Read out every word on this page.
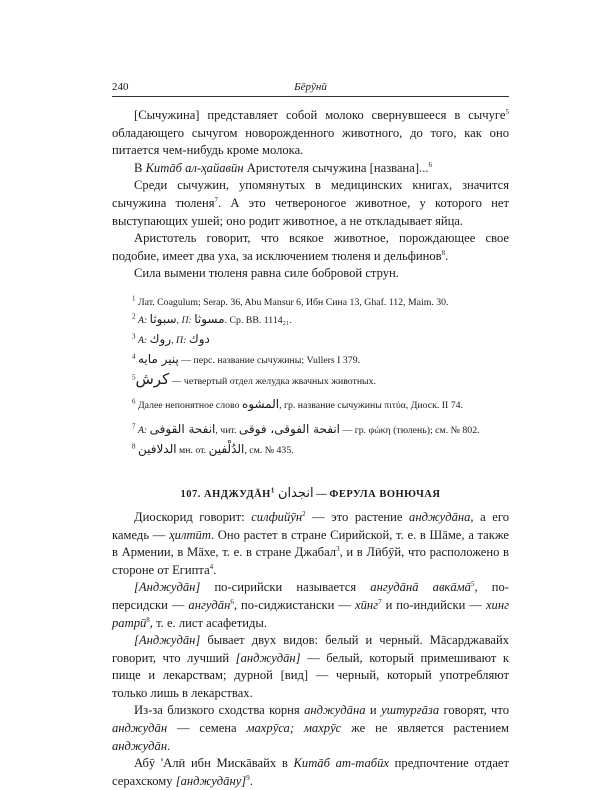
240	Бēрӯнӣ

[Сычужина] представляет собой молоко свернувшееся в сычуге$^5$ обладающего сычугом новорожденного животного, до того, как оно питается чем-нибудь кроме молока.

В Китāб ал-ҳайавӣн Аристотеля сычужина [названа]...$^6$

Среди сычужин, упомянутых в медицинских книгах, значится сычужина тюленя$^7$. А это четвероногое животное, у которого нет выступающих ушей; оно родит животное, а не откладывает яйца.

Аристотель говорит, что всякое животное, порождающее свое подобие, имеет два уха, за исключением тюленя и дельфинов$^8$.

Сила вымени тюленя равна силе бобровой струн.

$^1$ Лат. Coagulum; Serap. 36, Abu Mansur 6, Ибн Сина 13, Ghaf. 112, Maim. 30.

$^2$ А: سبوثا, П: مسوثا. Ср. BB. 1114₂₁.

$^3$ А: روك, П: دوك

$^4$ پنير مايه — перс. название сычужины; Vullers I 379.

$^5$كرش — четвертый отдел желудка жвачных животных.

$^6$ Далее непонятное слово المشوه, гр. название сычужины πιτύα, Диоск. II 74.

$^7$ А: انفحة القوفى, чит. انفحة الفوقى، فوقى — гр. φώκη (тюлень); см. № 802.

$^8$ الدلافين мн. от. الدُلْفين, см. № 435.

107. АНДЖУДĀН$^1$ انجدان — ФЕРУЛА ВОНЮЧАЯ

Диоскорид говорит: силфийӯн$^2$ — это растение анджудāна, а его камедь — ҳилтӣт. Оно растет в стране Сирийской, т. е. в Шāме, а также в Армении, в Мāхе, т. е. в стране Джабал$^3$, и в Лӣбӯй, что расположено в стороне от Египта$^4$.

[Анджудāн] по-сирийски называется ангудāнā авкāмā$^5$, по-персидски — ангудāн$^6$, по-сиджистански — хӣнг$^7$ и по-индийски — хинг ратрӣ$^8$, т. е. лист асафетиды.

[Анджудāн] бывает двух видов: белый и черный. Мāсарджавайх говорит, что лучший [анджудāн] — белый, который примешивают к пище и лекарствам; дурной [вид] — черный, который употребляют только лишь в лекарствах.

Из-за близкого сходства корня анджудāна и уштурғāза говорят, что анджудāн — семена махрӯса; махрӯс же не является растением анджудāн.

Абӯ 'Алӣ ибн Мискāвайх в Китāб ат-табӣх предпочтение отдает серахскому [анджудāну]$^9$.
